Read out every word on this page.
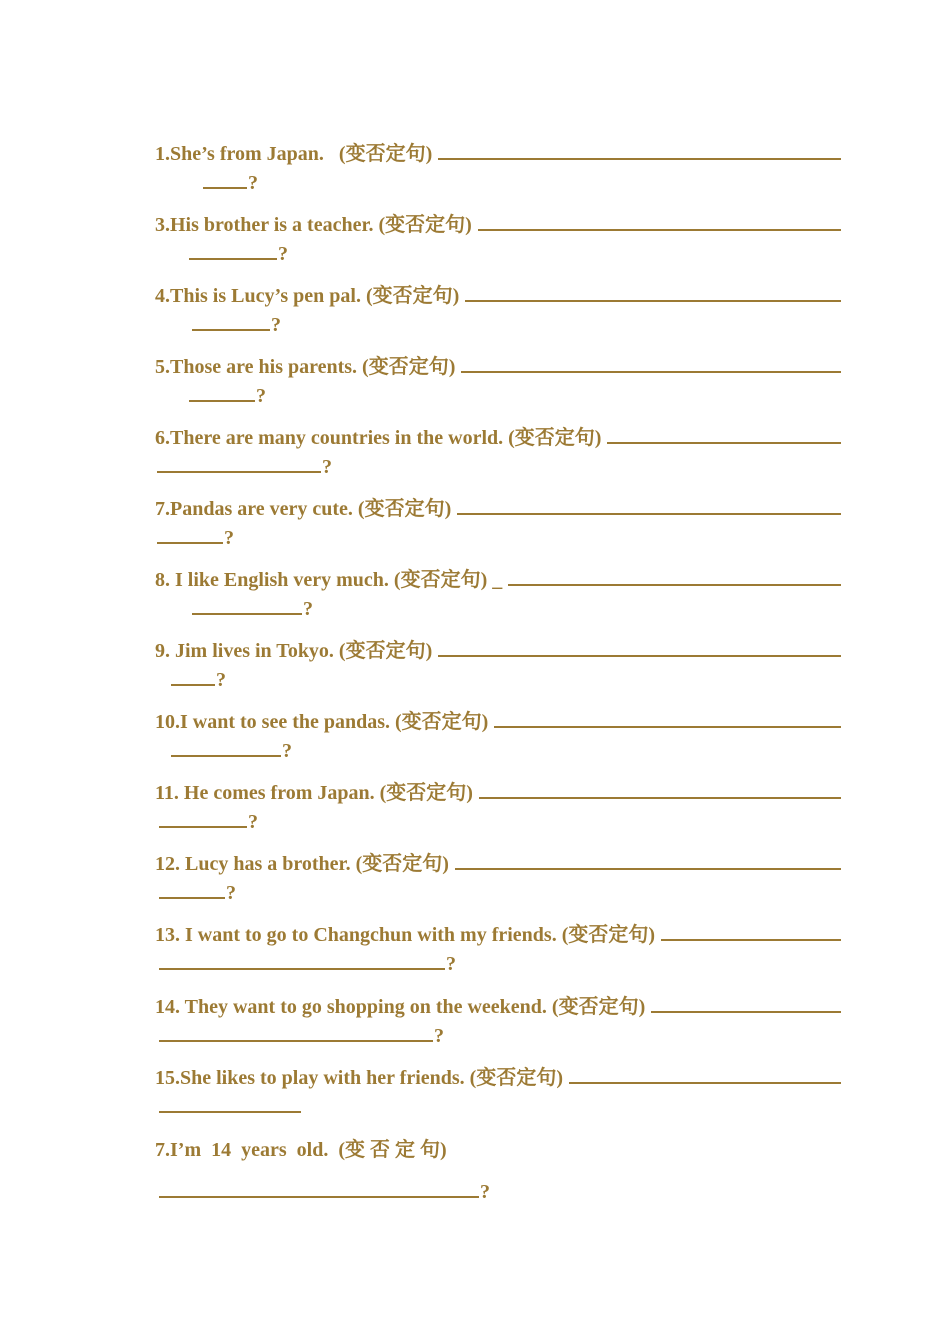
1.She’s from Japan.   (变否定句)
?
3.His brother is a teacher. (变否定句)
?
4.This is Lucy’s pen pal. (变否定句)
?
5.Those are his parents. (变否定句)
?
6.There are many countries in the world. (变否定句)
?
7.Pandas are very cute. (变否定句)
?
8. I like English very much. (变否定句) _
?
9. Jim lives in Tokyo. (变否定句)
?
10.I want to see the pandas. (变否定句)
?
11. He comes from Japan. (变否定句)
?
12. Lucy has a brother. (变否定句)
?
13. I want to go to Changchun with my friends. (变否定句)
?
14. They want to go shopping on the weekend. (变否定句)
?
15.She likes to play with her friends. (变否定句)
7.I’m  14  years  old.  (变 否 定 句)
?
